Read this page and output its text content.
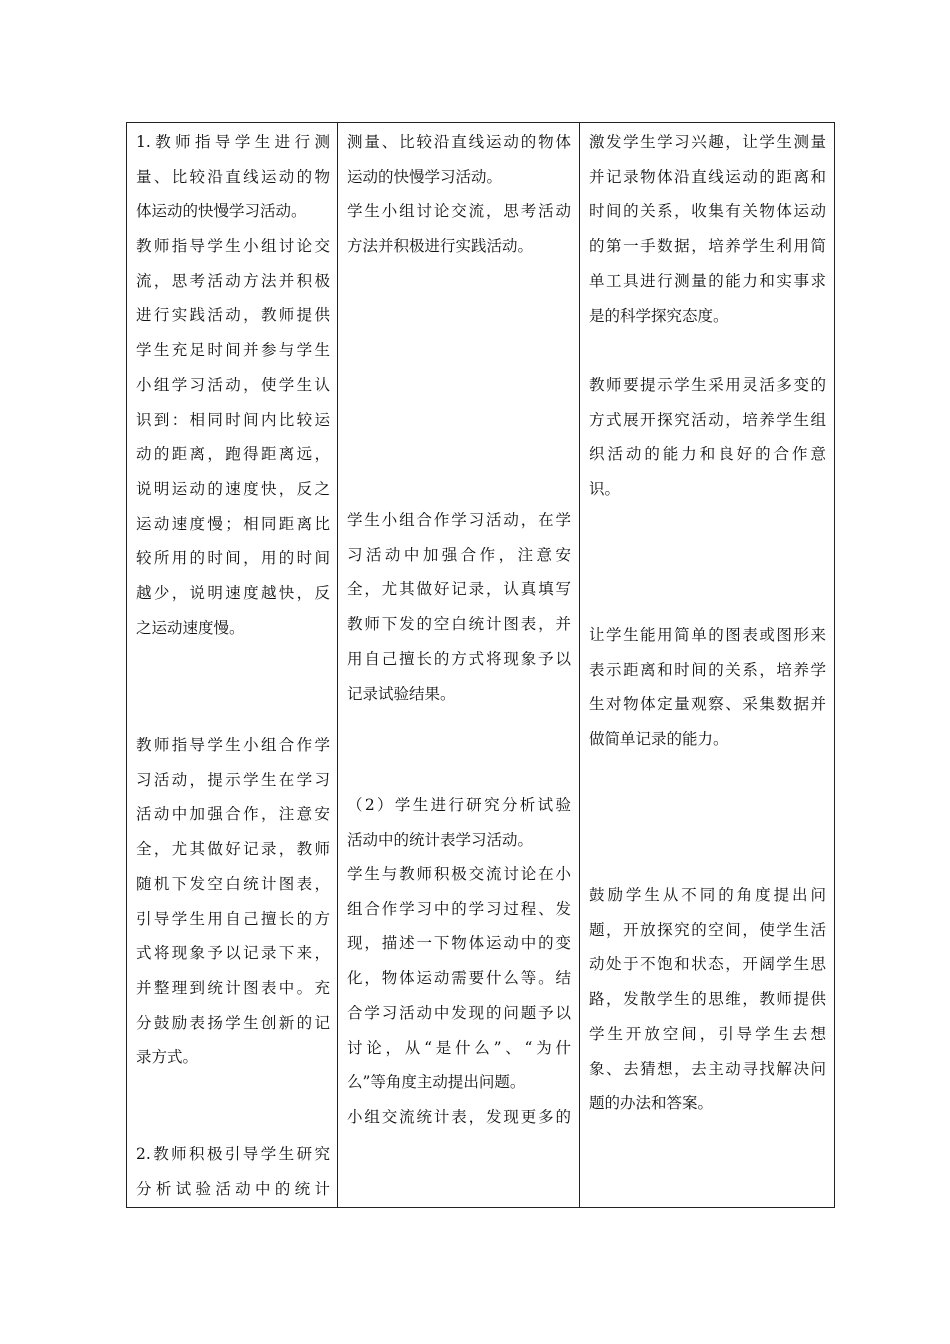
1.教师指导学生进行测
量、比较沿直线运动的物
体运动的快慢学习活动。
教师指导学生小组讨论交
流，思考活动方法并积极
进行实践活动，教师提供
学生充足时间并参与学生
小组学习活动，使学生认
识到：相同时间内比较运
动的距离，跑得距离远，
说明运动的速度快，反之
运动速度慢；相同距离比
较所用的时间，用的时间
越少，说明速度越快，反
之运动速度慢。
教师指导学生小组合作学
习活动，提示学生在学习
活动中加强合作，注意安
全，尤其做好记录，教师
随机下发空白统计图表，
引导学生用自己擅长的方
式将现象予以记录下来，
并整理到统计图表中。充
分鼓励表扬学生创新的记
录方式。
2.教师积极引导学生研究
分析试验活动中的统计
测量、比较沿直线运动的物体
运动的快慢学习活动。
学生小组讨论交流，思考活动
方法并积极进行实践活动。
学生小组合作学习活动，在学
习活动中加强合作，注意安
全，尤其做好记录，认真填写
教师下发的空白统计图表，并
用自己擅长的方式将现象予以
记录试验结果。
（2）学生进行研究分析试验
活动中的统计表学习活动。
学生与教师积极交流讨论在小
组合作学习中的学习过程、发
现，描述一下物体运动中的变
化，物体运动需要什么等。结
合学习活动中发现的问题予以
讨论，从“是什么”、“为什
么”等角度主动提出问题。
小组交流统计表，发现更多的
激发学生学习兴趣，让学生测量
并记录物体沿直线运动的距离和
时间的关系，收集有关物体运动
的第一手数据，培养学生利用简
单工具进行测量的能力和实事求
是的科学探究态度。
教师要提示学生采用灵活多变的
方式展开探究活动，培养学生组
织活动的能力和良好的合作意
识。
让学生能用简单的图表或图形来
表示距离和时间的关系，培养学
生对物体定量观察、采集数据并
做简单记录的能力。
鼓励学生从不同的角度提出问
题，开放探究的空间，使学生活
动处于不饱和状态，开阔学生思
路，发散学生的思维，教师提供
学生开放空间，引导学生去想
象、去猜想，去主动寻找解决问
题的办法和答案。
